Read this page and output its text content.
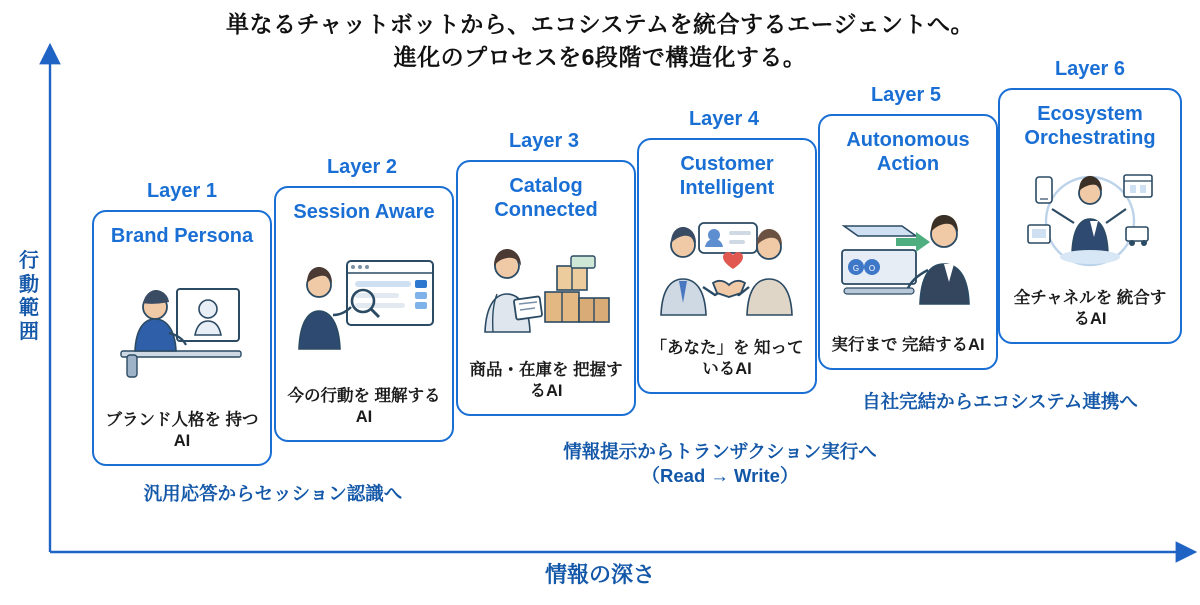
単なるチャットボットから、エコシステムを統合するエージェントへ。
進化のプロセスを6段階で構造化する。
行
動
範
囲
情報の深さ
Layer 1
Brand Persona
ブランド人格を 持つAI
Layer 2
Session Aware
今の行動を 理解するAI
Layer 3
Catalog Connected
商品・在庫を 把握するAI
Layer 4
Customer Intelligent
「あなた」を 知っているAI
Layer 5
Autonomous Action
G O
実行まで 完結するAI
Layer 6
Ecosystem Orchestrating
全チャネルを 統合するAI
汎用応答からセッション認識へ
情報提示からトランザクション実行へ
（Read → Write）
自社完結からエコシステム連携へ
